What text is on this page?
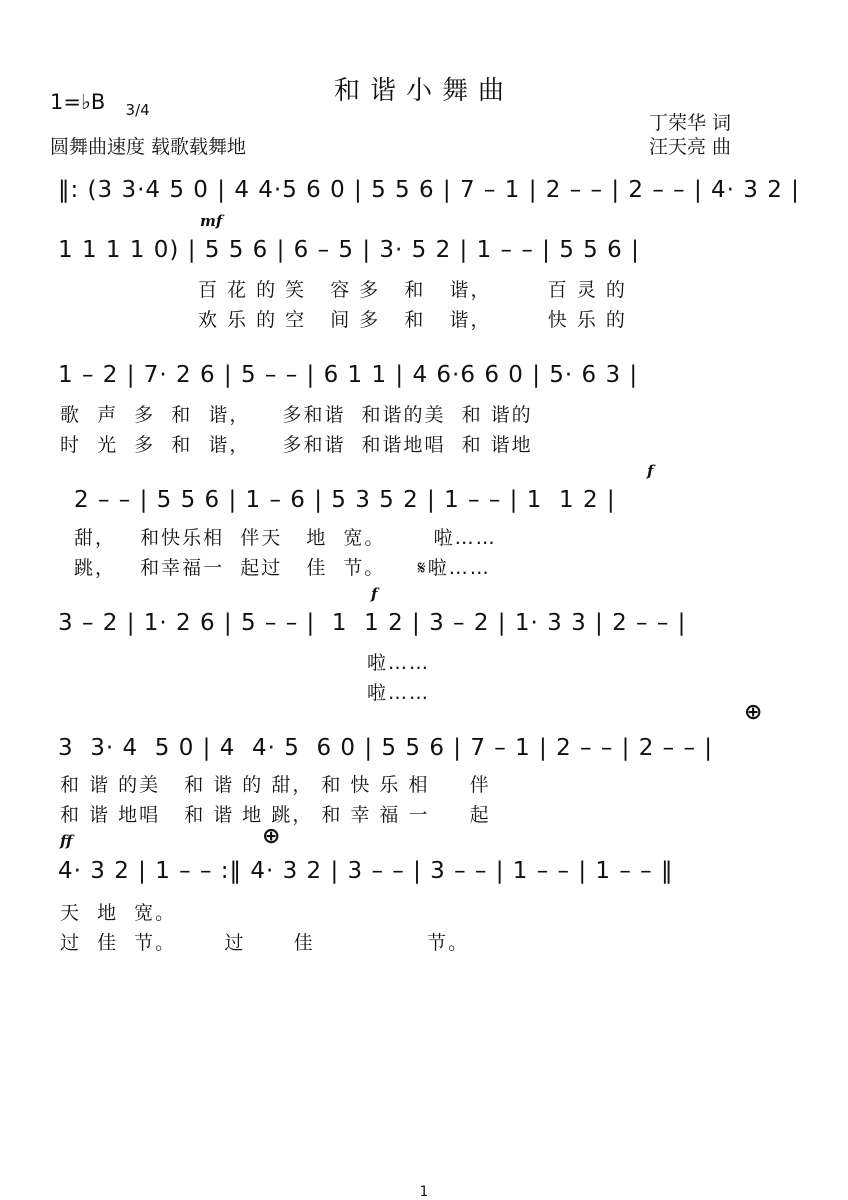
和谐小舞曲
1=♭B	3/4

圆舞曲速度 载歌载舞地
丁荣华 词
汪天亮 曲
‖: (3 3·4 5 0 | 4 4·5 6 0 | 5 5 6 | 7 – 1 | 2 – – | 2 – – | 4· 3 2 |
mf
1 1 1 1 0) | 5 5 6 | 6 – 5 | 3· 5 2 | 1 – – | 5 5 6 |
百 花 的 笑   容 多   和   谐，       百 灵 的
欢 乐 的 空   间 多   和   谐，       快 乐 的
1 – 2 | 7· 2 6 | 5 – – | 6 1 1 | 4 6·6 6 0 | 5· 6 3 |
歌  声  多  和  谐，    多和谐  和谐的美  和 谐的
时  光  多  和  谐，    多和谐  和谐地唱  和 谐地
f
2 – – | 5 5 6 | 1 – 6 | 5 3 5 2 | 1 – – | 1  1 2 |
甜，   和快乐相  伴天   地  宽。      啦……
跳，   和幸福一  起过   佳  节。    𝄋啦……
f
3 – 2 | 1· 2 6 | 5 – – |  1  1 2 | 3 – 2 | 1· 3 3 | 2 – – |
啦……
啦……
⊕
3  3· 4  5 0 | 4  4· 5  6 0 | 5 5 6 | 7 – 1 | 2 – – | 2 – – |
和 谐 的美   和 谐 的 甜， 和 快 乐 相     伴
和 谐 地唱   和 谐 地 跳， 和 幸 福 一     起
ff	⊕
4· 3 2 | 1 – – :‖ 4· 3 2 | 3 – – | 3 – – | 1 – – | 1 – – ‖
天  地  宽。
过  佳  节。      过      佳              节。
1
